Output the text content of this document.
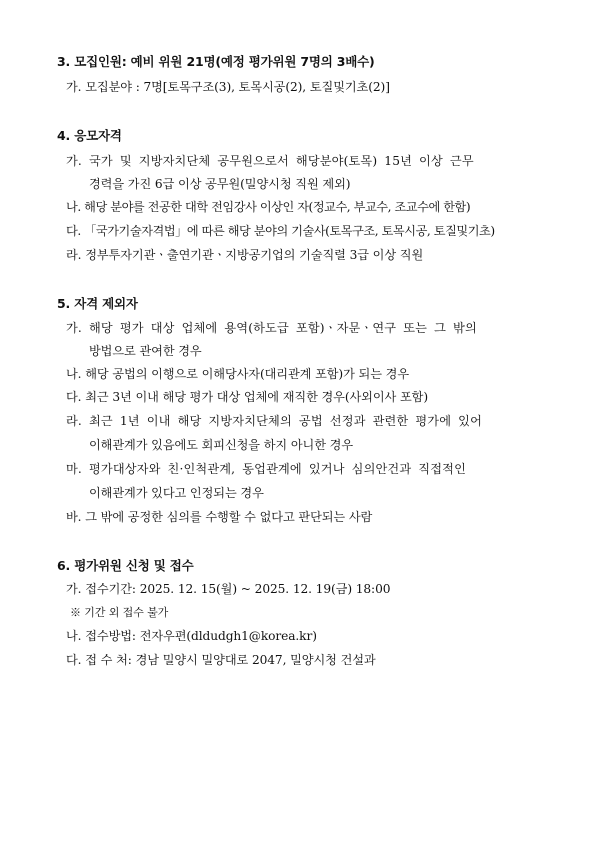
3. 모집인원: 예비 위원 21명(예정 평가위원 7명의 3배수)
가. 모집분야 : 7명[토목구조(3), 토목시공(2), 토질및기초(2)]
4. 응모자격
가. 국가 및 지방자치단체 공무원으로서 해당분야(토목) 15년 이상 근무
경력을 가진 6급 이상 공무원(밀양시청 직원 제외)
나. 해당 분야를 전공한 대학 전임강사 이상인 자(정교수, 부교수, 조교수에 한함)
다. 「국가기술자격법」에 따른 해당 분야의 기술사(토목구조, 토목시공, 토질및기초)
라. 정부투자기관ㆍ출연기관ㆍ지방공기업의 기술직렬 3급 이상 직원
5. 자격 제외자
가. 해당 평가 대상 업체에 용역(하도급 포함)ㆍ자문ㆍ연구 또는 그 밖의
방법으로 관여한 경우
나. 해당 공법의 이행으로 이해당사자(대리관계 포함)가 되는 경우
다. 최근 3년 이내 해당 평가 대상 업체에 재직한 경우(사외이사 포함)
라. 최근 1년 이내 해당 지방자치단체의 공법 선정과 관련한 평가에 있어
이해관계가 있음에도 회피신청을 하지 아니한 경우
마. 평가대상자와 친·인척관계, 동업관계에 있거나 심의안건과 직접적인
이해관계가 있다고 인정되는 경우
바. 그 밖에 공정한 심의를 수행할 수 없다고 판단되는 사람
6. 평가위원 신청 및 접수
가. 접수기간: 2025. 12. 15(월) ~ 2025. 12. 19(금) 18:00
※ 기간 외 접수 불가
나. 접수방법: 전자우편(dldudgh1@korea.kr)
다. 접 수 처: 경남 밀양시 밀양대로 2047, 밀양시청 건설과
